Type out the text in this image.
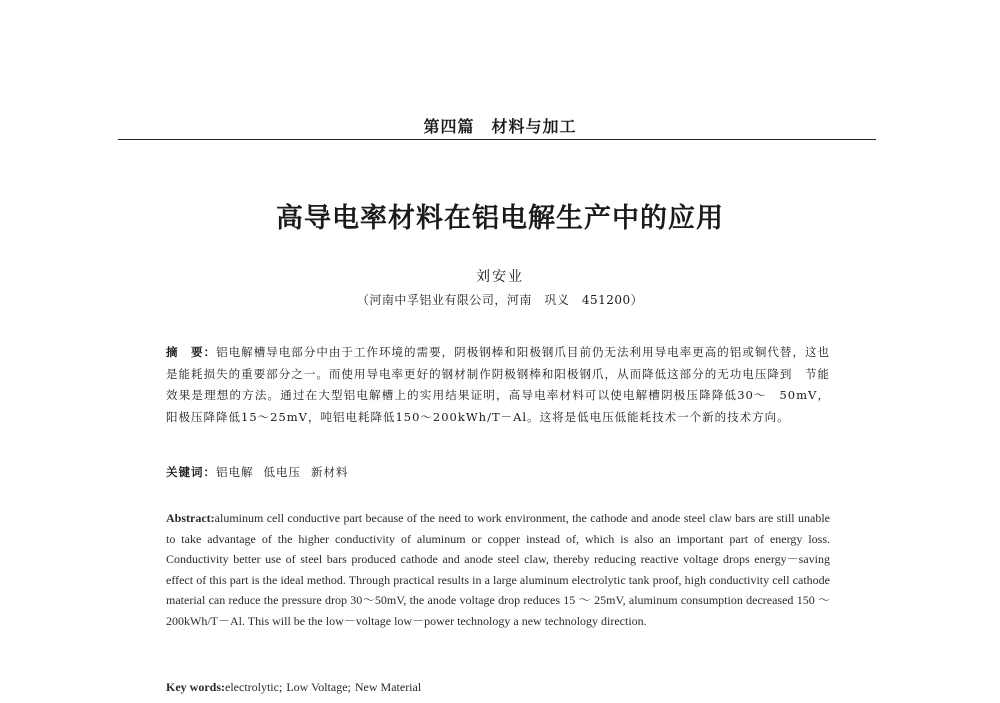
第四篇　材料与加工
高导电率材料在铝电解生产中的应用
刘安业
（河南中孚铝业有限公司，河南　巩义　451200）
摘　要：铝电解槽导电部分中由于工作环境的需要，阴极钢棒和阳极钢爪目前仍无法利用导电率更高的铝或铜代替，这也是能耗损失的重要部分之一。而使用导电率更好的钢材制作阴极钢棒和阳极钢爪，从而降低这部分的无功电压降到　节能效果是理想的方法。通过在大型铝电解槽上的实用结果证明，高导电率材料可以使电解槽阴极压降降低30～　50mV，阳极压降降低15～25mV，吨铝电耗降低150～200kWh/T－Al。这将是低电压低能耗技术一个新的技术方向。
关键词：铝电解 低电压 新材料
Abstract:aluminum cell conductive part because of the need to work environment, the cathode and anode steel claw bars are still unable to take advantage of the higher conductivity of aluminum or copper instead of, which is also an important part of energy loss. Conductivity better use of steel bars produced cathode and anode steel claw, thereby reducing reactive voltage drops energy－saving effect of this part is the ideal method. Through practical results in a large aluminum electrolytic tank proof, high conductivity cell cathode material can reduce the pressure drop 30～50mV, the anode voltage drop reduces 15 ～ 25mV, aluminum consumption decreased 150 ～ 200kWh/T－Al. This will be the low－voltage low－power technology a new technology direction.
Key words:electrolytic; Low Voltage; New Material
